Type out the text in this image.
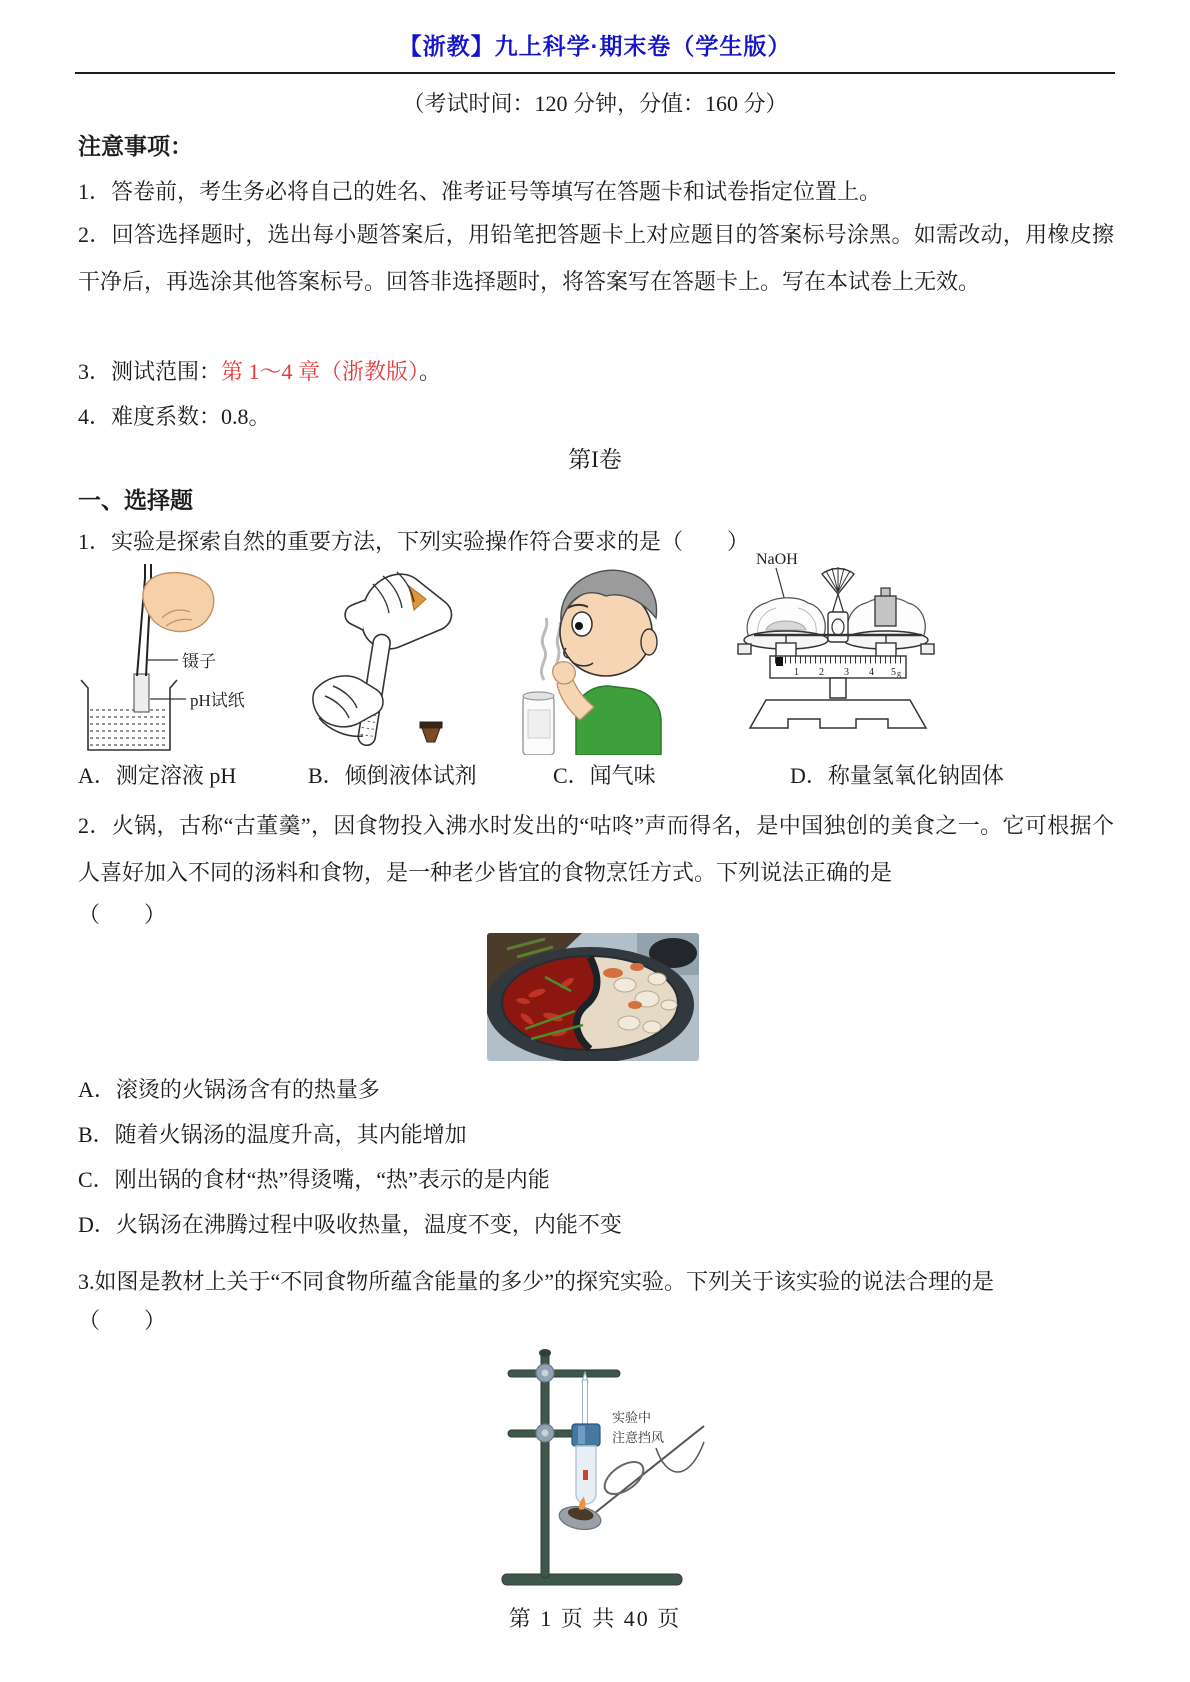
【浙教】九上科学·期末卷（学生版）
（考试时间：120 分钟，分值：160 分）
注意事项：
1．答卷前，考生务必将自己的姓名、准考证号等填写在答题卡和试卷指定位置上。
2．回答选择题时，选出每小题答案后，用铅笔把答题卡上对应题目的答案标号涂黑。如需改动，用橡皮擦干净后，再选涂其他答案标号。回答非选择题时，将答案写在答题卡上。写在本试卷上无效。
3．测试范围：第 1～4 章（浙教版）。
4．难度系数：0.8。
第I卷
一、选择题
1．实验是探索自然的重要方法，下列实验操作符合要求的是（　　）
镊子
pH试纸
NaOH
1 2 3 4 5 g
A．测定溶液 pH	B．倾倒液体试剂	C．闻气味	D．称量氢氧化钠固体
2．火锅，古称“古董羹”，因食物投入沸水时发出的“咕咚”声而得名，是中国独创的美食之一。它可根据个人喜好加入不同的汤料和食物，是一种老少皆宜的食物烹饪方式。下列说法正确的是
（　　）
A．滚烫的火锅汤含有的热量多
B．随着火锅汤的温度升高，其内能增加
C．刚出锅的食材“热”得烫嘴，“热”表示的是内能
D．火锅汤在沸腾过程中吸收热量，温度不变，内能不变
3.如图是教材上关于“不同食物所蕴含能量的多少”的探究实验。下列关于该实验的说法合理的是
（　　）
实验中
注意挡风
第 1 页 共 40 页
